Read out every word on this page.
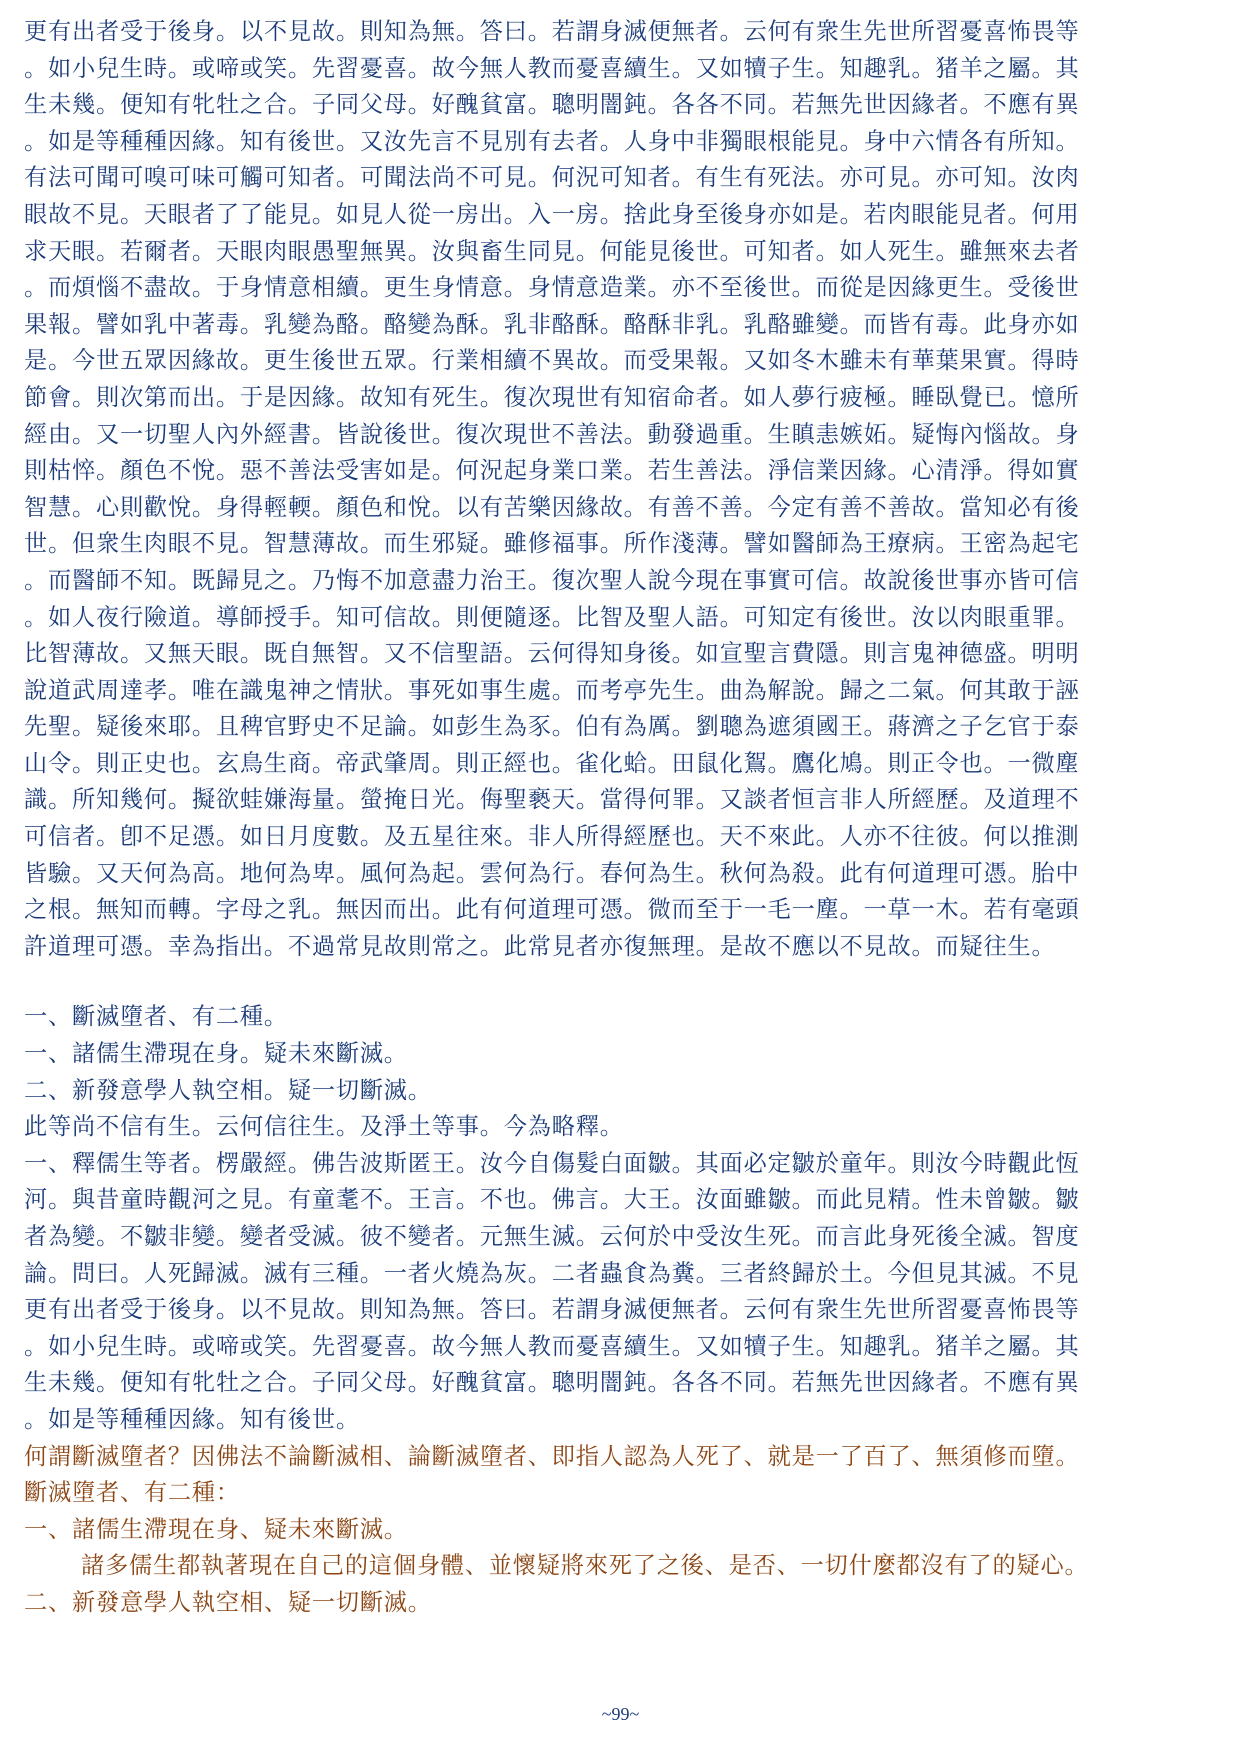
更有出者受于後身。以不見故。則知為無。答曰。若謂身滅便無者。云何有衆生先世所習憂喜怖畏等
。如小兒生時。或啼或笑。先習憂喜。故今無人教而憂喜續生。又如犢子生。知趣乳。猪羊之屬。其
生未幾。便知有牝牡之合。子同父母。好醜貧富。聰明闇鈍。各各不同。若無先世因緣者。不應有異
。如是等種種因緣。知有後世。又汝先言不見別有去者。人身中非獨眼根能見。身中六情各有所知。
有法可聞可嗅可味可觸可知者。可聞法尚不可見。何況可知者。有生有死法。亦可見。亦可知。汝肉
眼故不見。天眼者了了能見。如見人從一房出。入一房。捨此身至後身亦如是。若肉眼能見者。何用
求天眼。若爾者。天眼肉眼愚聖無異。汝與畜生同見。何能見後世。可知者。如人死生。雖無來去者
。而煩惱不盡故。于身情意相續。更生身情意。身情意造業。亦不至後世。而從是因緣更生。受後世
果報。譬如乳中著毒。乳變為酪。酪變為酥。乳非酪酥。酪酥非乳。乳酪雖變。而皆有毒。此身亦如
是。今世五眾因緣故。更生後世五眾。行業相續不異故。而受果報。又如冬木雖未有華葉果實。得時
節會。則次第而出。于是因緣。故知有死生。復次現世有知宿命者。如人夢行疲極。睡臥覺已。憶所
經由。又一切聖人內外經書。皆說後世。復次現世不善法。動發過重。生瞋恚嫉妬。疑悔內惱故。身
則枯悴。顏色不悅。惡不善法受害如是。何況起身業口業。若生善法。淨信業因緣。心清淨。得如實
智慧。心則歡悅。身得輕輭。顏色和悅。以有苦樂因緣故。有善不善。今定有善不善故。當知必有後
世。但衆生肉眼不見。智慧薄故。而生邪疑。雖修福事。所作淺薄。譬如醫師為王療病。王密為起宅
。而醫師不知。既歸見之。乃悔不加意盡力治王。復次聖人說今現在事實可信。故說後世事亦皆可信
。如人夜行險道。導師授手。知可信故。則便隨逐。比智及聖人語。可知定有後世。汝以肉眼重罪。
比智薄故。又無天眼。既自無智。又不信聖語。云何得知身後。如宣聖言費隱。則言鬼神德盛。明明
說道武周達孝。唯在識鬼神之情狀。事死如事生處。而考亭先生。曲為解說。歸之二氣。何其敢于誣
先聖。疑後來耶。且稗官野史不足論。如彭生為豕。伯有為厲。劉聰為遮須國王。蔣濟之子乞官于泰
山令。則正史也。玄鳥生商。帝武肇周。則正經也。雀化蛤。田鼠化鴽。鷹化鳩。則正令也。一微塵
識。所知幾何。擬欲蛙嫌海量。螢掩日光。侮聖褻天。當得何罪。又談者恒言非人所經歷。及道理不
可信者。卽不足憑。如日月度數。及五星往來。非人所得經歷也。天不來此。人亦不往彼。何以推測
皆驗。又天何為高。地何為卑。風何為起。雲何為行。春何為生。秋何為殺。此有何道理可憑。胎中
之根。無知而轉。字母之乳。無因而出。此有何道理可憑。微而至于一毛一塵。一草一木。若有毫頭
許道理可憑。幸為指出。不過常見故則常之。此常見者亦復無理。是故不應以不見故。而疑往生。
一、斷滅墮者、有二種。
一、諸儒生滯現在身。疑未來斷滅。
二、新發意學人執空相。疑一切斷滅。
此等尚不信有生。云何信往生。及淨土等事。今為略釋。
一、釋儒生等者。楞嚴經。佛告波斯匿王。汝今自傷髮白面皺。其面必定皺於童年。則汝今時觀此恆
河。與昔童時觀河之見。有童耄不。王言。不也。佛言。大王。汝面雖皺。而此見精。性未曾皺。皺
者為變。不皺非變。變者受滅。彼不變者。元無生滅。云何於中受汝生死。而言此身死後全滅。智度
論。問曰。人死歸滅。滅有三種。一者火燒為灰。二者蟲食為糞。三者終歸於土。今但見其滅。不見
更有出者受于後身。以不見故。則知為無。答曰。若謂身滅便無者。云何有衆生先世所習憂喜怖畏等
。如小兒生時。或啼或笑。先習憂喜。故今無人教而憂喜續生。又如犢子生。知趣乳。猪羊之屬。其
生未幾。便知有牝牡之合。子同父母。好醜貧富。聰明闇鈍。各各不同。若無先世因緣者。不應有異
。如是等種種因緣。知有後世。
何謂斷滅墮者？因佛法不論斷滅相、論斷滅墮者、即指人認為人死了、就是一了百了、無須修而墮。
斷滅墮者、有二種：
一、諸儒生滯現在身、疑未來斷滅。
諸多儒生都執著現在自己的這個身體、並懷疑將來死了之後、是否、一切什麼都沒有了的疑心。
二、新發意學人執空相、疑一切斷滅。
~99~
